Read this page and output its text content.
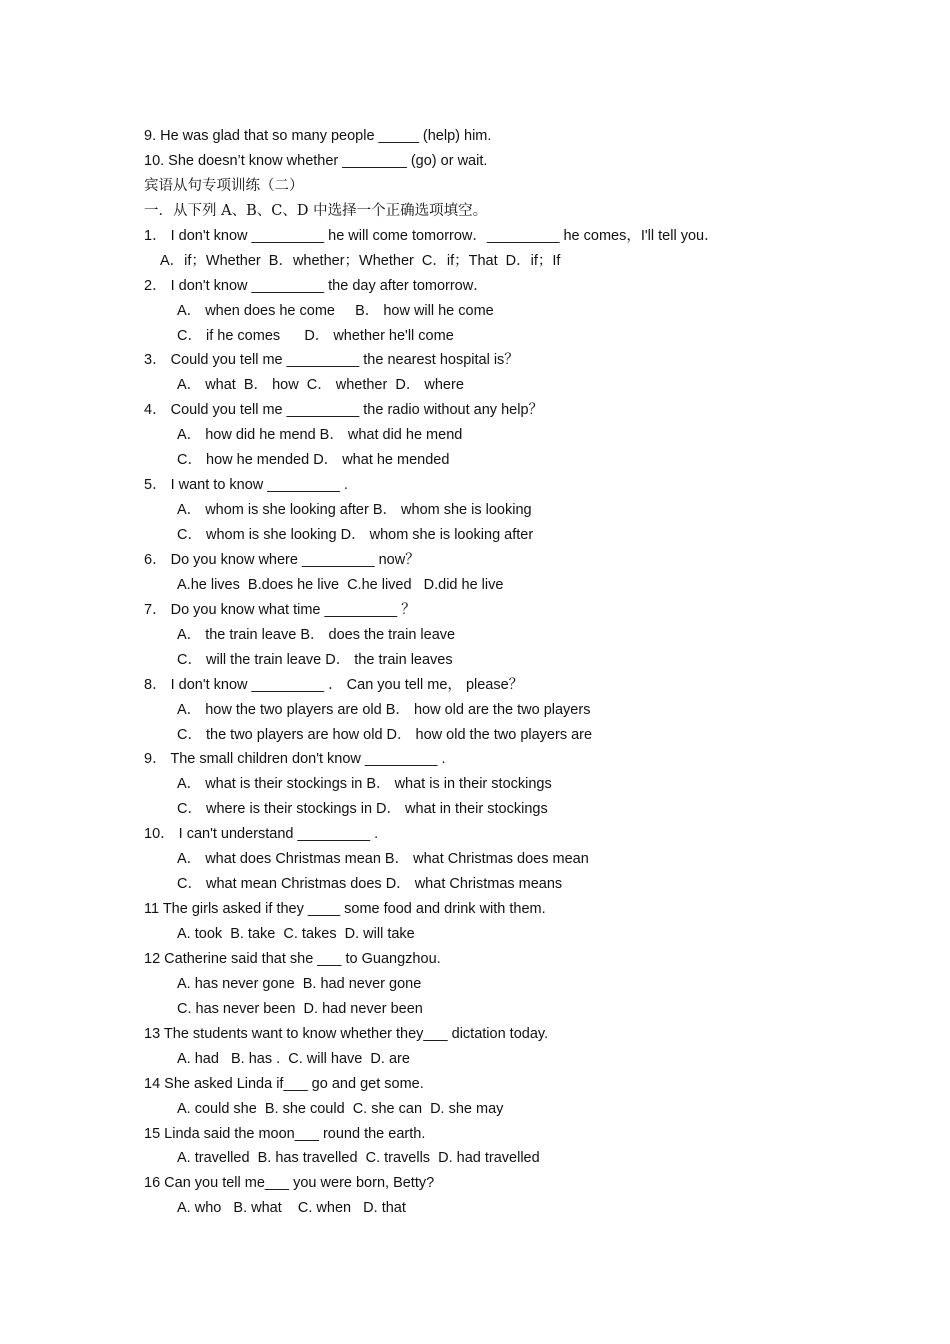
9. He was glad that so many people _____ (help) him.
10. She doesn’t know whether ________ (go) or wait.
宾语从句专项训练（二）
一．从下列 A、B、C、D 中选择一个正确选项填空。
1． I don't know _________ he will come tomorrow．_________ he comes，I'll tell you．
A．if；Whether  B．whether；Whether  C．if；That  D．if；If
2． I don't know _________ the day after tomorrow．
A． when does he come     B． how will he come
C． if he comes      D． whether he'll come
3． Could you tell me _________ the nearest hospital is？
A． what  B． how  C． whether  D． where
4． Could you tell me _________ the radio without any help？
A． how did he mend B． what did he mend
C． how he mended D． what he mended
5． I want to know _________ .
A． whom is she looking after B． whom she is looking
C． whom is she looking D． whom she is looking after
6． Do you know where _________ now？
A.he lives  B.does he live  C.he lived   D.did he live
7． Do you know what time _________ ？
A． the train leave B． does the train leave
C． will the train leave D． the train leaves
8． I don't know _________ ． Can you tell me， please？
A． how the two players are old B． how old are the two players
C． the two players are how old D． how old the two players are
9． The small children don't know _________ .
A． what is their stockings in B． what is in their stockings
C． where is their stockings in D． what in their stockings
10． I can't understand _________ .
A． what does Christmas mean B． what Christmas does mean
C． what mean Christmas does D． what Christmas means
11 The girls asked if they ____ some food and drink with them.
A. took  B. take  C. takes  D. will take
12 Catherine said that she ___ to Guangzhou.
A. has never gone  B. had never gone
C. has never been  D. had never been
13 The students want to know whether they___ dictation today.
A. had   B. has .  C. will have  D. are
14 She asked Linda if___ go and get some.
A. could she  B. she could  C. she can  D. she may
15 Linda said the moon___ round the earth.
A. travelled  B. has travelled  C. travells  D. had travelled
16 Can you tell me___ you were born, Betty?
A. who   B. what    C. when   D. that
